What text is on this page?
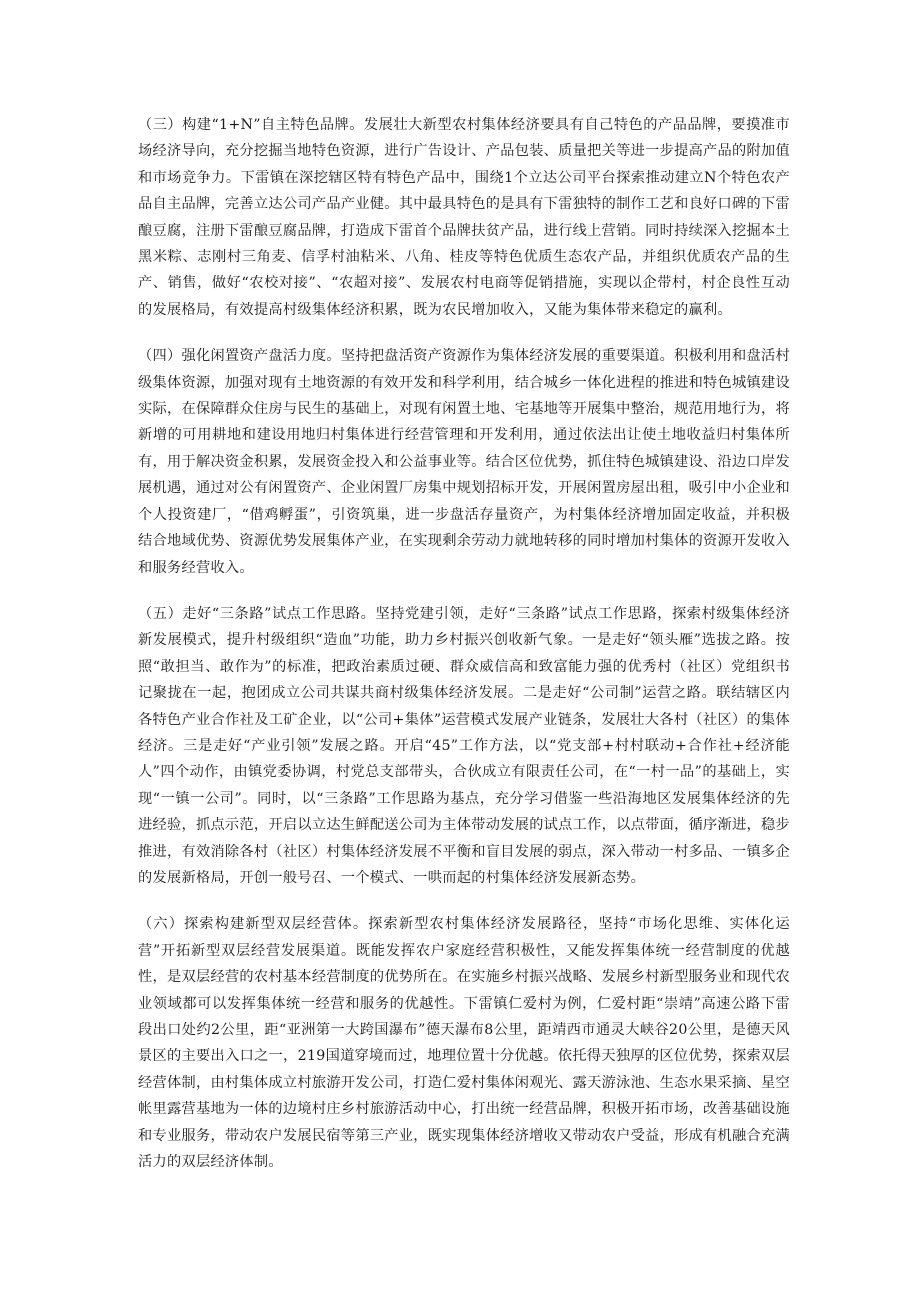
（三）构建“1+N”自主特色品牌。发展壮大新型农村集体经济要具有自己特色的产品品牌，要摸准市场经济导向，充分挖掘当地特色资源，进行广告设计、产品包装、质量把关等进一步提高产品的附加值和市场竞争力。下雷镇在深挖辖区特有特色产品中，围绕1个立达公司平台探索推动建立N个特色农产品自主品牌，完善立达公司产品产业健。其中最具特色的是具有下雷独特的制作工艺和良好口碑的下雷酿豆腐，注册下雷酿豆腐品牌，打造成下雷首个品牌扶贫产品，进行线上营销。同时持续深入挖掘本土黑米粽、志刚村三角麦、信孚村油粘米、八角、桂皮等特色优质生态农产品，并组织优质农产品的生产、销售，做好“农校对接”、“农超对接”、发展农村电商等促销措施，实现以企带村，村企良性互动的发展格局，有效提高村级集体经济积累，既为农民增加收入，又能为集体带来稳定的赢利。

（四）强化闲置资产盘活力度。坚持把盘活资产资源作为集体经济发展的重要渠道。积极利用和盘活村级集体资源，加强对现有土地资源的有效开发和科学利用，结合城乡一体化进程的推进和特色城镇建设实际，在保障群众住房与民生的基础上，对现有闲置土地、宅基地等开展集中整治，规范用地行为，将新增的可用耕地和建设用地归村集体进行经营管理和开发利用，通过依法出让使土地收益归村集体所有，用于解决资金积累，发展资金投入和公益事业等。结合区位优势，抓住特色城镇建设、沿边口岸发展机遇，通过对公有闲置资产、企业闲置厂房集中规划招标开发，开展闲置房屋出租，吸引中小企业和个人投资建厂，“借鸡孵蛋”，引资筑巢，进一步盘活存量资产，为村集体经济增加固定收益，并积极结合地域优势、资源优势发展集体产业，在实现剩余劳动力就地转移的同时增加村集体的资源开发收入和服务经营收入。

（五）走好“三条路”试点工作思路。坚持党建引领，走好“三条路”试点工作思路，探索村级集体经济新发展模式，提升村级组织“造血”功能，助力乡村振兴创收新气象。一是走好“领头雁”选拔之路。按照“敢担当、敢作为”的标准，把政治素质过硬、群众威信高和致富能力强的优秀村（社区）党组织书记聚拢在一起，抱团成立公司共谋共商村级集体经济发展。二是走好“公司制”运营之路。联结辖区内各特色产业合作社及工矿企业，以“公司+集体”运营模式发展产业链条，发展壮大各村（社区）的集体经济。三是走好“产业引领”发展之路。开启“45”工作方法，以“党支部+村村联动+合作社+经济能人”四个动作，由镇党委协调，村党总支部带头，合伙成立有限责任公司，在“一村一品”的基础上，实现“一镇一公司”。同时，以“三条路”工作思路为基点，充分学习借鉴一些沿海地区发展集体经济的先进经验，抓点示范，开启以立达生鲜配送公司为主体带动发展的试点工作，以点带面，循序渐进，稳步推进，有效消除各村（社区）村集体经济发展不平衡和盲目发展的弱点，深入带动一村多品、一镇多企的发展新格局，开创一般号召、一个模式、一哄而起的村集体经济发展新态势。

（六）探索构建新型双层经营体。探索新型农村集体经济发展路径，坚持“市场化思维、实体化运营”开拓新型双层经营发展渠道。既能发挥农户家庭经营积极性，又能发挥集体统一经营制度的优越性，是双层经营的农村基本经营制度的优势所在。在实施乡村振兴战略、发展乡村新型服务业和现代农业领域都可以发挥集体统一经营和服务的优越性。下雷镇仁爱村为例，仁爱村距“崇靖”高速公路下雷段出口处约2公里，距“亚洲第一大跨国瀑布”德天瀑布8公里，距靖西市通灵大峡谷20公里，是德天风景区的主要出入口之一，219国道穿境而过，地理位置十分优越。依托得天独厚的区位优势，探索双层经营体制，由村集体成立村旅游开发公司，打造仁爱村集体闲观光、露天游泳池、生态水果采摘、星空帐里露营基地为一体的边境村庄乡村旅游活动中心，打出统一经营品牌，积极开拓市场，改善基础设施和专业服务，带动农户发展民宿等第三产业，既实现集体经济增收又带动农户受益，形成有机融合充满活力的双层经济体制。
